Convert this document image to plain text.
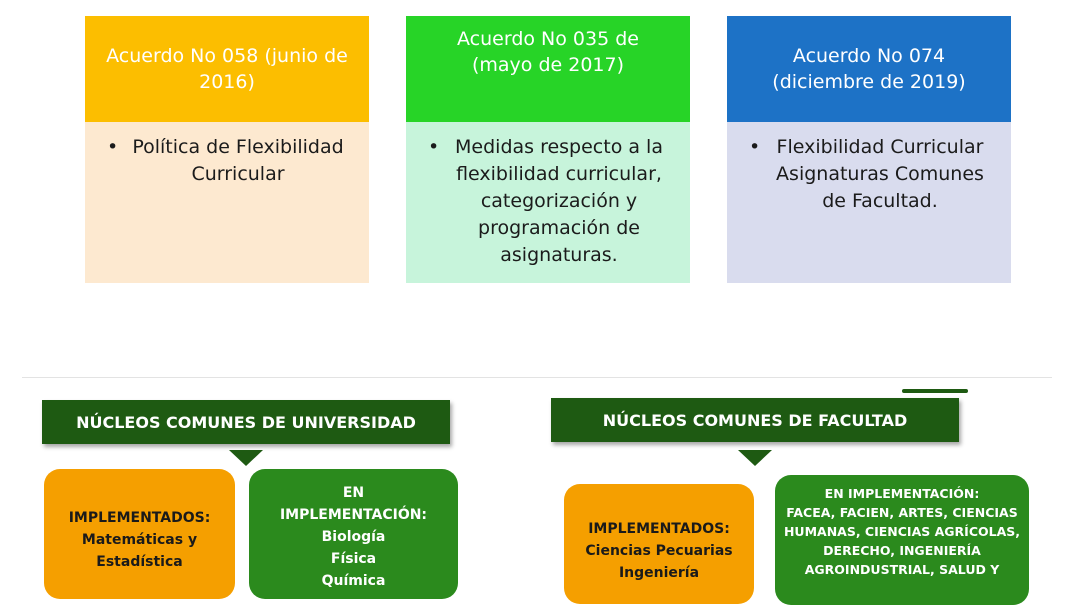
Acuerdo No 058 (junio de 2016)
• Política de Flexibilidad
Curricular
Acuerdo No 035 de (mayo de 2017)
• Medidas respecto a la
flexibilidad curricular,
categorización y
programación de
asignaturas.
Acuerdo No 074 (diciembre de 2019)
• Flexibilidad Curricular
Asignaturas Comunes
de Facultad.
NÚCLEOS COMUNES DE UNIVERSIDAD
IMPLEMENTADOS:
Matemáticas y
Estadística
EN
IMPLEMENTACIÓN:
Biología
Física
Química
NÚCLEOS COMUNES DE FACULTAD
IMPLEMENTADOS:
Ciencias Pecuarias
Ingeniería
EN IMPLEMENTACIÓN:
FACEA, FACIEN, ARTES, CIENCIAS
HUMANAS, CIENCIAS AGRÍCOLAS,
DERECHO, INGENIERÍA
AGROINDUSTRIAL, SALUD Y
